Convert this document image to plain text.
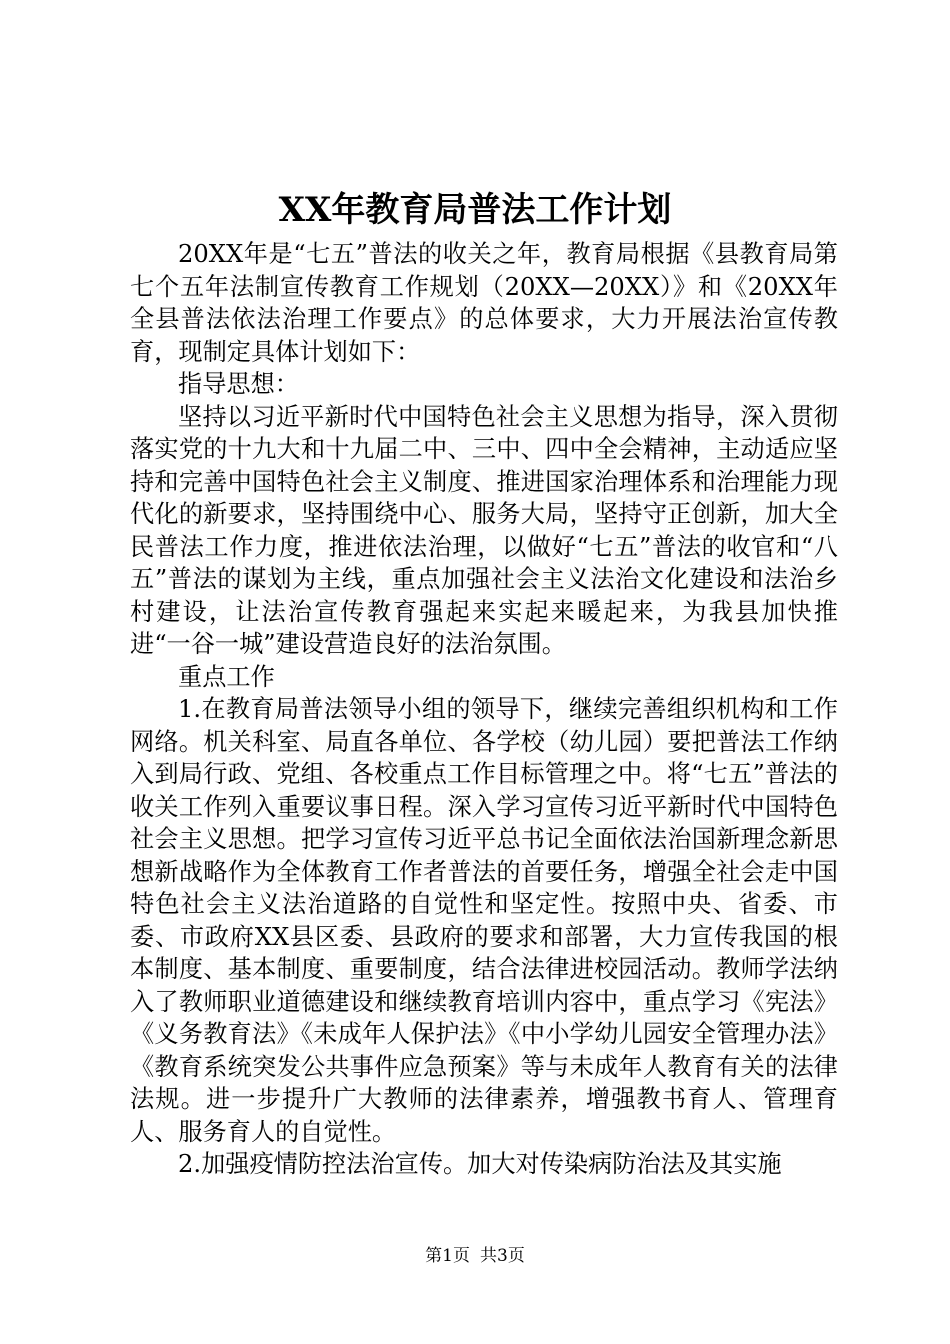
XX年教育局普法工作计划

20XX年是“七五”普法的收关之年，教育局根据《县教育局第七个五年法制宣传教育工作规划（20XX—20XX）》和《20XX年全县普法依法治理工作要点》的总体要求，大力开展法治宣传教育，现制定具体计划如下：

指导思想：

坚持以习近平新时代中国特色社会主义思想为指导，深入贯彻落实党的十九大和十九届二中、三中、四中全会精神，主动适应坚持和完善中国特色社会主义制度、推进国家治理体系和治理能力现代化的新要求，坚持围绕中心、服务大局，坚持守正创新，加大全民普法工作力度，推进依法治理，以做好“七五”普法的收官和“八五”普法的谋划为主线，重点加强社会主义法治文化建设和法治乡村建设，让法治宣传教育强起来实起来暖起来，为我县加快推进“一谷一城”建设营造良好的法治氛围。

重点工作

1.在教育局普法领导小组的领导下，继续完善组织机构和工作网络。机关科室、局直各单位、各学校（幼儿园）要把普法工作纳入到局行政、党组、各校重点工作目标管理之中。将“七五”普法的收关工作列入重要议事日程。深入学习宣传习近平新时代中国特色社会主义思想。把学习宣传习近平总书记全面依法治国新理念新思想新战略作为全体教育工作者普法的首要任务，增强全社会走中国特色社会主义法治道路的自觉性和坚定性。按照中央、省委、市委、市政府XX县区委、县政府的要求和部署，大力宣传我国的根本制度、基本制度、重要制度，结合法律进校园活动。教师学法纳入了教师职业道德建设和继续教育培训内容中，重点学习《宪法》《义务教育法》《未成年人保护法》《中小学幼儿园安全管理办法》《教育系统突发公共事件应急预案》等与未成年人教育有关的法律法规。进一步提升广大教师的法律素养，增强教书育人、管理育人、服务育人的自觉性。

2.加强疫情防控法治宣传。加大对传染病防治法及其实施

第1页 共3页
